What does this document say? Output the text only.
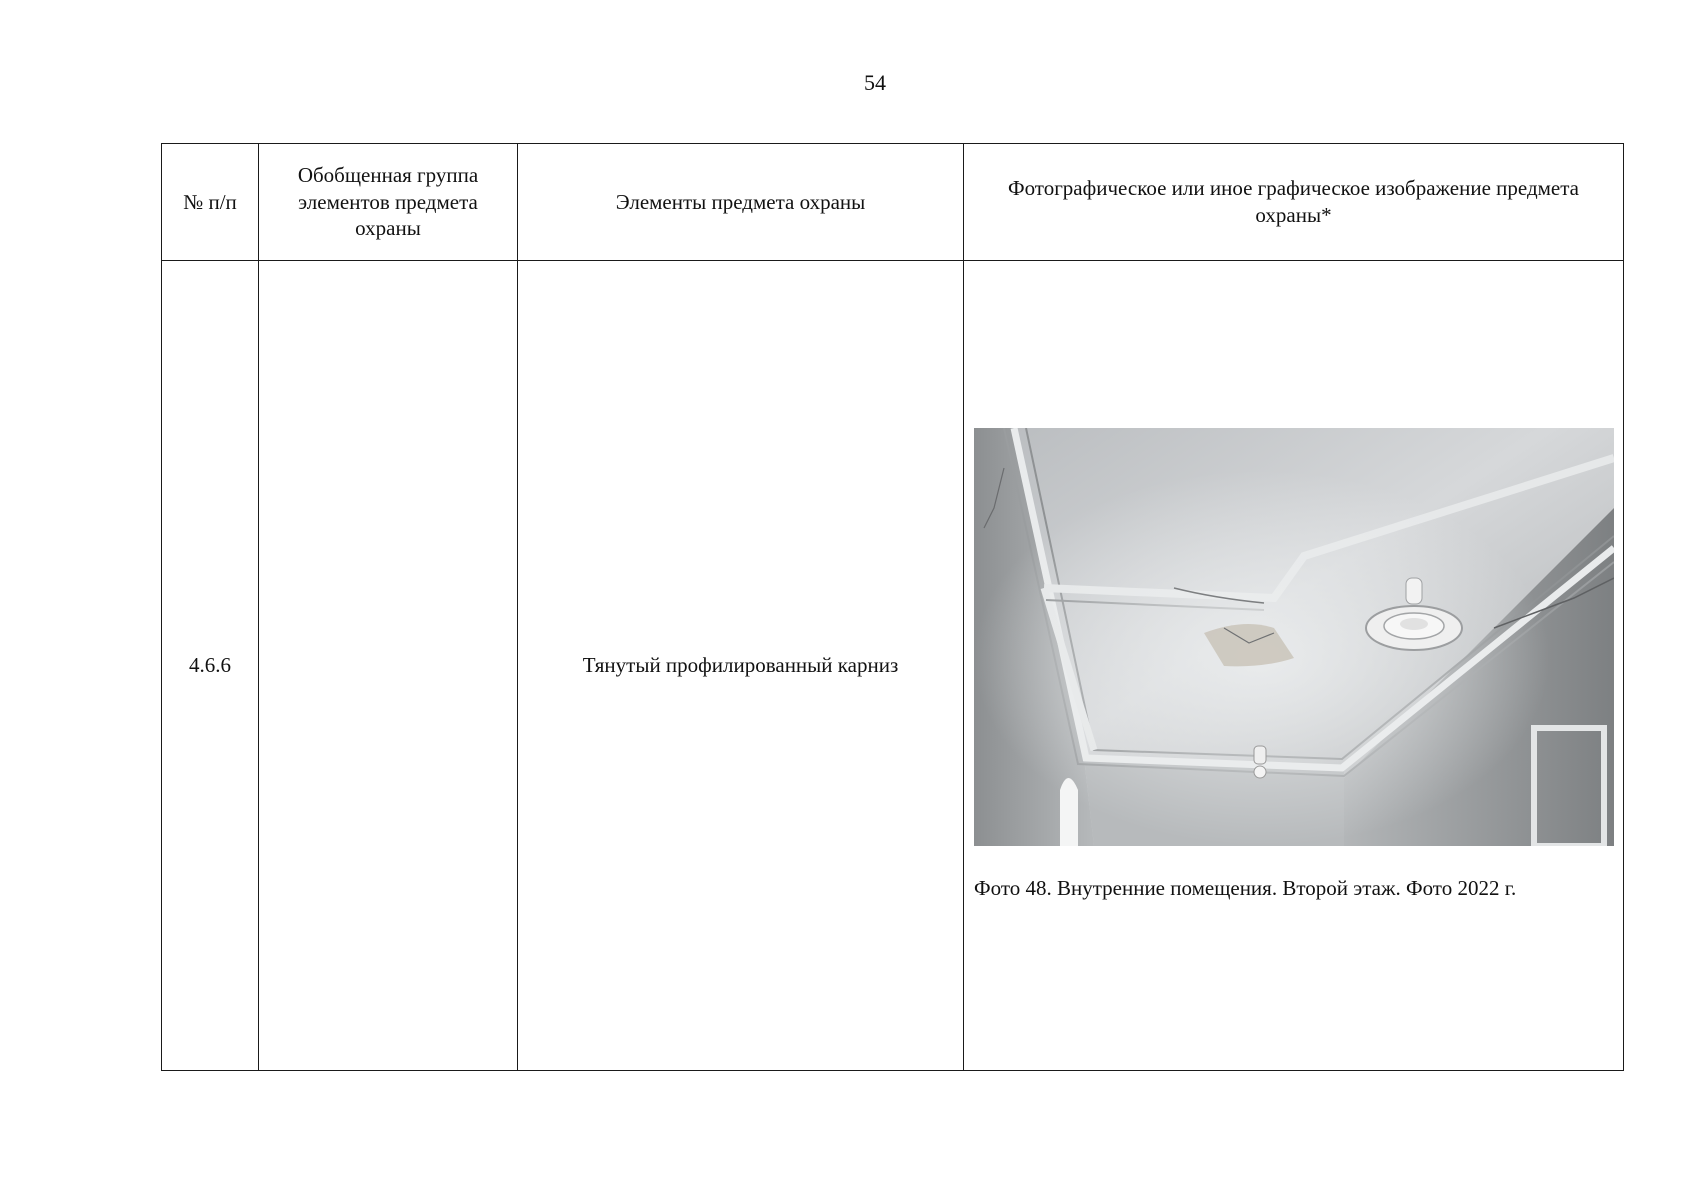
54
№ п/п
Обобщенная группа элементов предмета охраны
Элементы предмета охраны
Фотографическое или иное графическое изображение предмета охраны*
4.6.6	Тянутый профилированный карниз
Фото 48. Внутренние помещения. Второй этаж. Фото 2022 г.
